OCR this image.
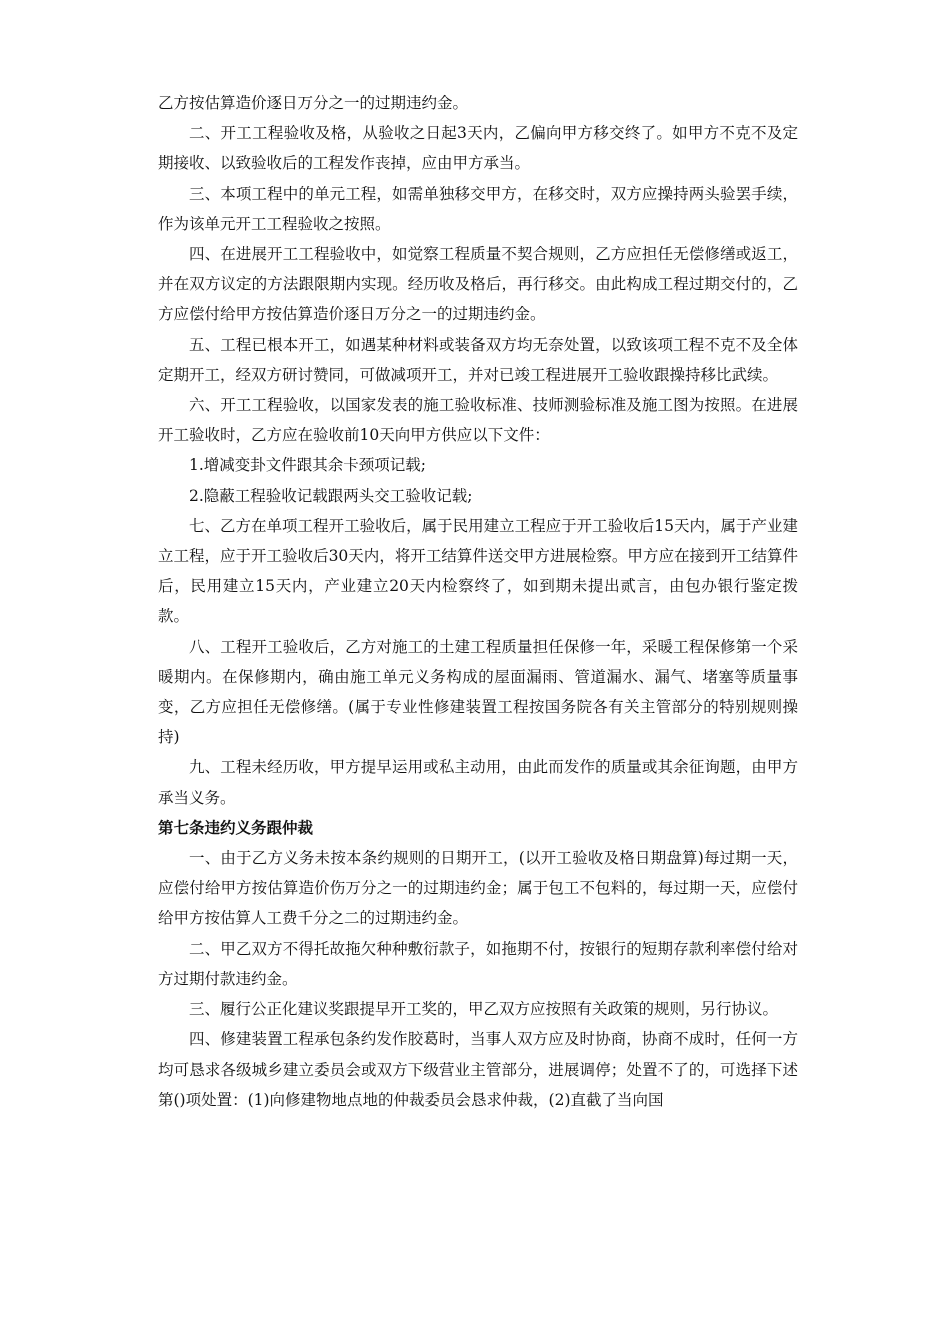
乙方按估算造价逐日万分之一的过期违约金。

二、开工工程验收及格，从验收之日起3天内，乙偏向甲方移交终了。如甲方不克不及定期接收、以致验收后的工程发作丧掉，应由甲方承当。

三、本项工程中的单元工程，如需单独移交甲方，在移交时，双方应操持两头验罢手续，作为该单元开工工程验收之按照。

四、在进展开工工程验收中，如觉察工程质量不契合规则，乙方应担任无偿修缮或返工，并在双方议定的方法跟限期内实现。经历收及格后，再行移交。由此构成工程过期交付的，乙方应偿付给甲方按估算造价逐日万分之一的过期违约金。

五、工程已根本开工，如遇某种材料或装备双方均无奈处置，以致该项工程不克不及全体定期开工，经双方研讨赞同，可做减项开工，并对已竣工程进展开工验收跟操持移比武续。

六、开工工程验收，以国家发表的施工验收标准、技师测验标准及施工图为按照。在进展开工验收时，乙方应在验收前10天向甲方供应以下文件：

1.增减变卦文件跟其余卡颈项记载;

2.隐蔽工程验收记载跟两头交工验收记载;

七、乙方在单项工程开工验收后，属于民用建立工程应于开工验收后15天内，属于产业建立工程，应于开工验收后30天内，将开工结算件送交甲方进展检察。甲方应在接到开工结算件后，民用建立15天内，产业建立20天内检察终了，如到期未提出贰言，由包办银行鉴定拨款。

八、工程开工验收后，乙方对施工的土建工程质量担任保修一年，采暖工程保修第一个采暖期内。在保修期内，确由施工单元义务构成的屋面漏雨、管道漏水、漏气、堵塞等质量事变，乙方应担任无偿修缮。(属于专业性修建装置工程按国务院各有关主管部分的特别规则操持)

九、工程未经历收，甲方提早运用或私主动用，由此而发作的质量或其余征询题，由甲方承当义务。

第七条违约义务跟仲裁

一、由于乙方义务未按本条约规则的日期开工，(以开工验收及格日期盘算)每过期一天，应偿付给甲方按估算造价伤万分之一的过期违约金；属于包工不包料的，每过期一天，应偿付给甲方按估算人工费千分之二的过期违约金。

二、甲乙双方不得托故拖欠种种敷衍款子，如拖期不付，按银行的短期存款利率偿付给对方过期付款违约金。

三、履行公正化建议奖跟提早开工奖的，甲乙双方应按照有关政策的规则，另行协议。

四、修建装置工程承包条约发作胶葛时，当事人双方应及时协商，协商不成时，任何一方均可恳求各级城乡建立委员会或双方下级营业主管部分，进展调停；处置不了的，可选择下述第()项处置：(1)向修建物地点地的仲裁委员会恳求仲裁，(2)直截了当向国
